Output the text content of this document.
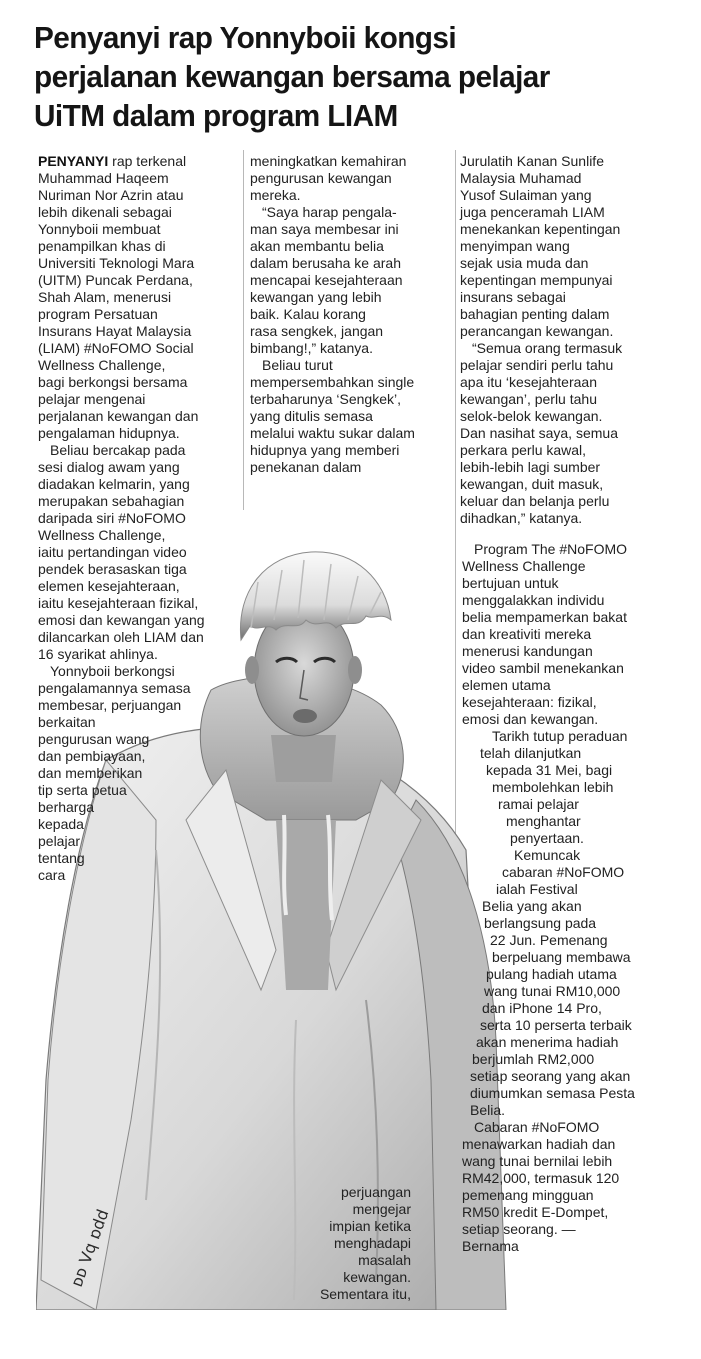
Penyanyi rap Yonnyboii kongsi
perjalanan kewangan bersama pelajar
UiTM dalam program LIAM
ᴅᴅ Vq ɒdd
PENYANYI rap terkenal
Muhammad Haqeem
Nuriman Nor Azrin atau
lebih dikenali sebagai
Yonnyboii membuat
penampilkan khas di
Universiti Teknologi Mara
(UITM) Puncak Perdana,
Shah Alam, menerusi
program Persatuan
Insurans Hayat Malaysia
(LIAM) #NoFOMO Social
Wellness Challenge,
bagi berkongsi bersama
pelajar mengenai
perjalanan kewangan dan
pengalaman hidupnya.
Beliau bercakap pada
sesi dialog awam yang
diadakan kelmarin, yang
merupakan sebahagian
daripada siri #NoFOMO
Wellness Challenge,
iaitu pertandingan video
pendek berasaskan tiga
elemen kesejahteraan,
iaitu kesejahteraan fizikal,
emosi dan kewangan yang
dilancarkan oleh LIAM dan
16 syarikat ahlinya.
Yonnyboii berkongsi
pengalamannya semasa
membesar, perjuangan
berkaitan
pengurusan wang
dan pembiayaan,
dan memberikan
tip serta petua
berharga
kepada
pelajar
tentang
cara
meningkatkan kemahiran
pengurusan kewangan
mereka.
“Saya harap pengala-
man saya membesar ini
akan membantu belia
dalam berusaha ke arah
mencapai kesejahteraan
kewangan yang lebih
baik. Kalau korang
rasa sengkek, jangan
bimbang!,” katanya.
Beliau turut
mempersembahkan single
terbaharunya ‘Sengkek’,
yang ditulis semasa
melalui waktu sukar dalam
hidupnya yang memberi
penekanan dalam
perjuangan
mengejar
impian ketika
menghadapi
masalah
kewangan.
Sementara itu,
Jurulatih Kanan Sunlife
Malaysia Muhamad
Yusof Sulaiman yang
juga penceramah LIAM
menekankan kepentingan
menyimpan wang
sejak usia muda dan
kepentingan mempunyai
insurans sebagai
bahagian penting dalam
perancangan kewangan.
“Semua orang termasuk
pelajar sendiri perlu tahu
apa itu ‘kesejahteraan
kewangan’, perlu tahu
selok-belok kewangan.
Dan nasihat saya, semua
perkara perlu kawal,
lebih-lebih lagi sumber
kewangan, duit masuk,
keluar dan belanja perlu
dihadkan,” katanya.
Program The #NoFOMO
Wellness Challenge
bertujuan untuk
menggalakkan individu
belia mempamerkan bakat
dan kreativiti mereka
menerusi kandungan
video sambil menekankan
elemen utama
kesejahteraan: fizikal,
emosi dan kewangan.
Tarikh tutup peraduan
telah dilanjutkan
kepada 31 Mei, bagi
membolehkan lebih
ramai pelajar
menghantar
penyertaan.
Kemuncak
cabaran #NoFOMO
ialah Festival
Belia yang akan
berlangsung pada
22 Jun. Pemenang
berpeluang membawa
pulang hadiah utama
wang tunai RM10,000
dan iPhone 14 Pro,
serta 10 perserta terbaik
akan menerima hadiah
berjumlah RM2,000
setiap seorang yang akan
diumumkan semasa Pesta
Belia.
Cabaran #NoFOMO
menawarkan hadiah dan
wang tunai bernilai lebih
RM42,000, termasuk 120
pemenang mingguan
RM50 kredit E-Dompet,
setiap seorang. —
Bernama
